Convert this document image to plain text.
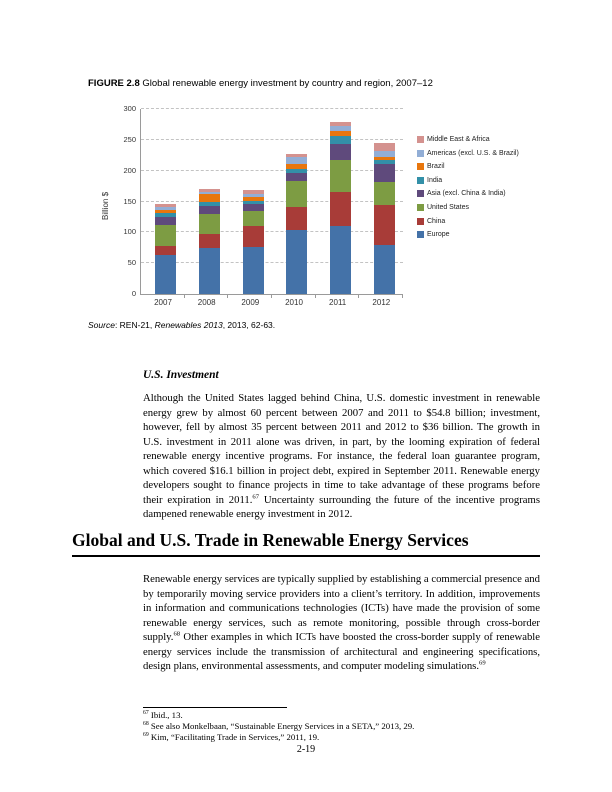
FIGURE 2.8 Global renewable energy investment by country and region, 2007–12
Billion $
0
50
100
150
200
250
300
2007	2008	2009	2010	2011	2012
Middle East & Africa
Americas (excl. U.S. & Brazil)
Brazil
India
Asia (excl. China & India)
United States
China
Europe
Source: REN-21, Renewables 2013, 2013, 62-63.
U.S. Investment
Although the United States lagged behind China, U.S. domestic investment in renewable energy grew by almost 60 percent between 2007 and 2011 to $54.8 billion; investment, however, fell by almost 35 percent between 2011 and 2012 to $36 billion. The growth in U.S. investment in 2011 alone was driven, in part, by the looming expiration of federal renewable energy incentive programs. For instance, the federal loan guarantee program, which covered $16.1 billion in project debt, expired in September 2011. Renewable energy developers sought to finance projects in time to take advantage of these programs before their expiration in 2011.67 Uncertainty surrounding the future of the incentive programs dampened renewable energy investment in 2012.
Global and U.S. Trade in Renewable Energy Services
Renewable energy services are typically supplied by establishing a commercial presence and by temporarily moving service providers into a client’s territory. In addition, improvements in information and communications technologies (ICTs) have made the provision of some renewable energy services, such as remote monitoring, possible through cross-border supply.$^{68}$ Other examples in which ICTs have boosted the cross-border supply of renewable energy services include the transmission of architectural and engineering specifications, design plans, environmental assessments, and computer modeling simulations.$^{69}$
$^{67}$ Ibid., 13.
$^{68}$ See also Monkelbaan, “Sustainable Energy Services in a SETA,” 2013, 29.
$^{69}$ Kim, “Facilitating Trade in Services,” 2011, 19.
2-19
